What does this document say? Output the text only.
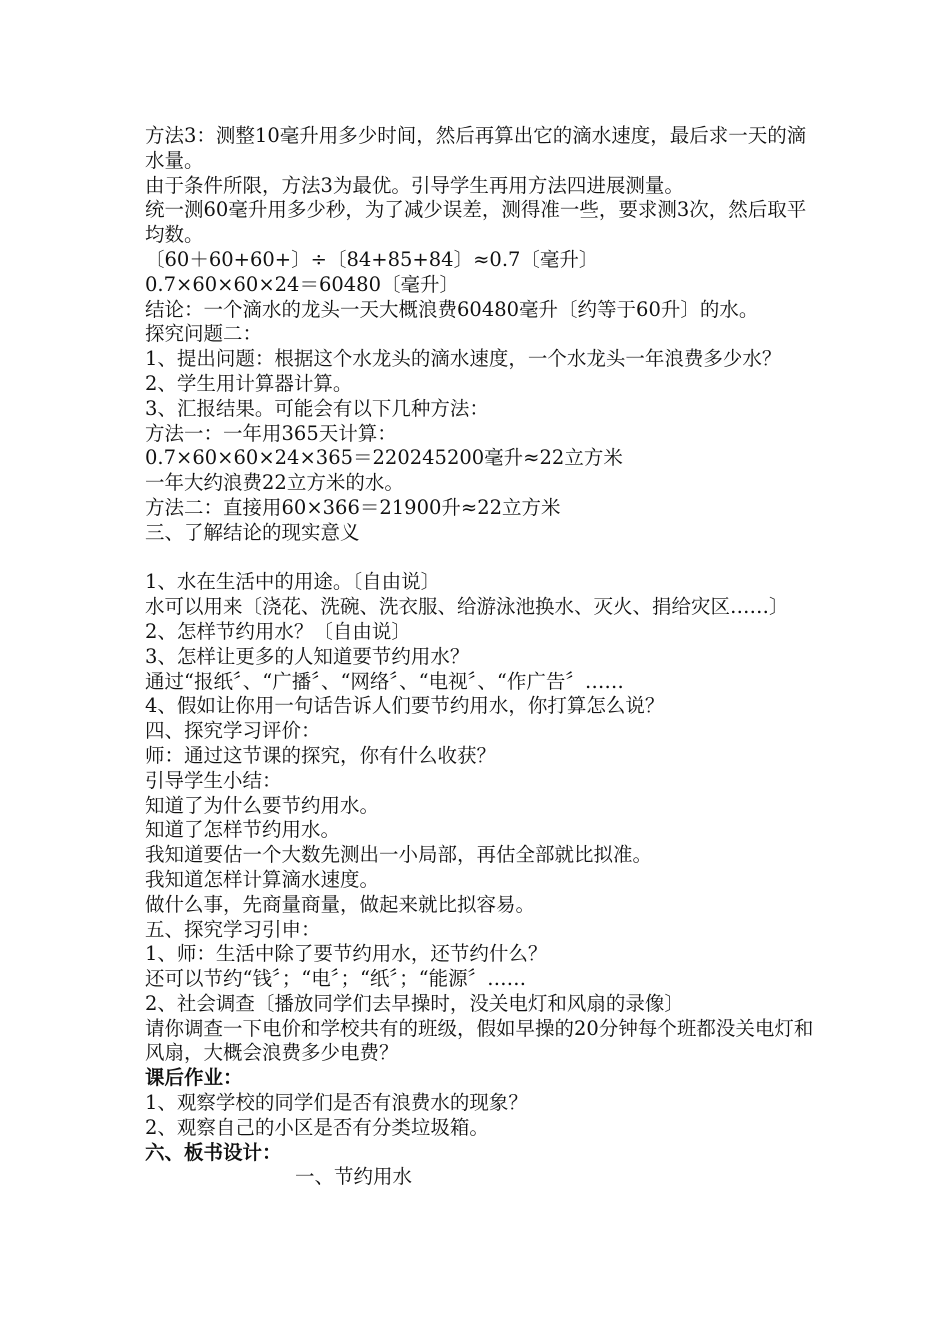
方法3：测整10毫升用多少时间，然后再算出它的滴水速度，最后求一天的滴水量。

由于条件所限，方法3为最优。引导学生再用方法四进展测量。

统一测60毫升用多少秒，为了减少误差，测得准一些，要求测3次，然后取平均数。

〔60＋60+60+〕÷〔84+85+84〕≈0.7〔毫升〕

0.7×60×60×24＝60480〔毫升〕

结论：一个滴水的龙头一天大概浪费60480毫升〔约等于60升〕的水。

探究问题二：

1、提出问题：根据这个水龙头的滴水速度，一个水龙头一年浪费多少水？

2、学生用计算器计算。

3、汇报结果。可能会有以下几种方法：

方法一：一年用365天计算：

0.7×60×60×24×365＝220245200毫升≈22立方米

一年大约浪费22立方米的水。

方法二：直接用60×366＝21900升≈22立方米

三、了解结论的现实意义

1、水在生活中的用途。〔自由说〕

水可以用来〔浇花、洗碗、洗衣服、给游泳池换水、灭火、捐给灾区……〕

2、怎样节约用水？〔自由说〕

3、怎样让更多的人知道要节约用水？

通过“报纸〞、“广播〞、“网络〞、“电视〞、“作广告〞……

4、假如让你用一句话告诉人们要节约用水，你打算怎么说？

四、探究学习评价：

师：通过这节课的探究，你有什么收获？

引导学生小结：

知道了为什么要节约用水。

知道了怎样节约用水。

我知道要估一个大数先测出一小局部，再估全部就比拟准。

我知道怎样计算滴水速度。

做什么事，先商量商量，做起来就比拟容易。

五、探究学习引申：

1、师：生活中除了要节约用水，还节约什么？

还可以节约“钱〞；“电〞；“纸〞；“能源〞……

2、社会调查〔播放同学们去早操时，没关电灯和风扇的录像〕

请你调查一下电价和学校共有的班级，假如早操的20分钟每个班都没关电灯和风扇，大概会浪费多少电费？

课后作业：

1、观察学校的同学们是否有浪费水的现象？

2、观察自己的小区是否有分类垃圾箱。

六、板书设计：

一、节约用水
